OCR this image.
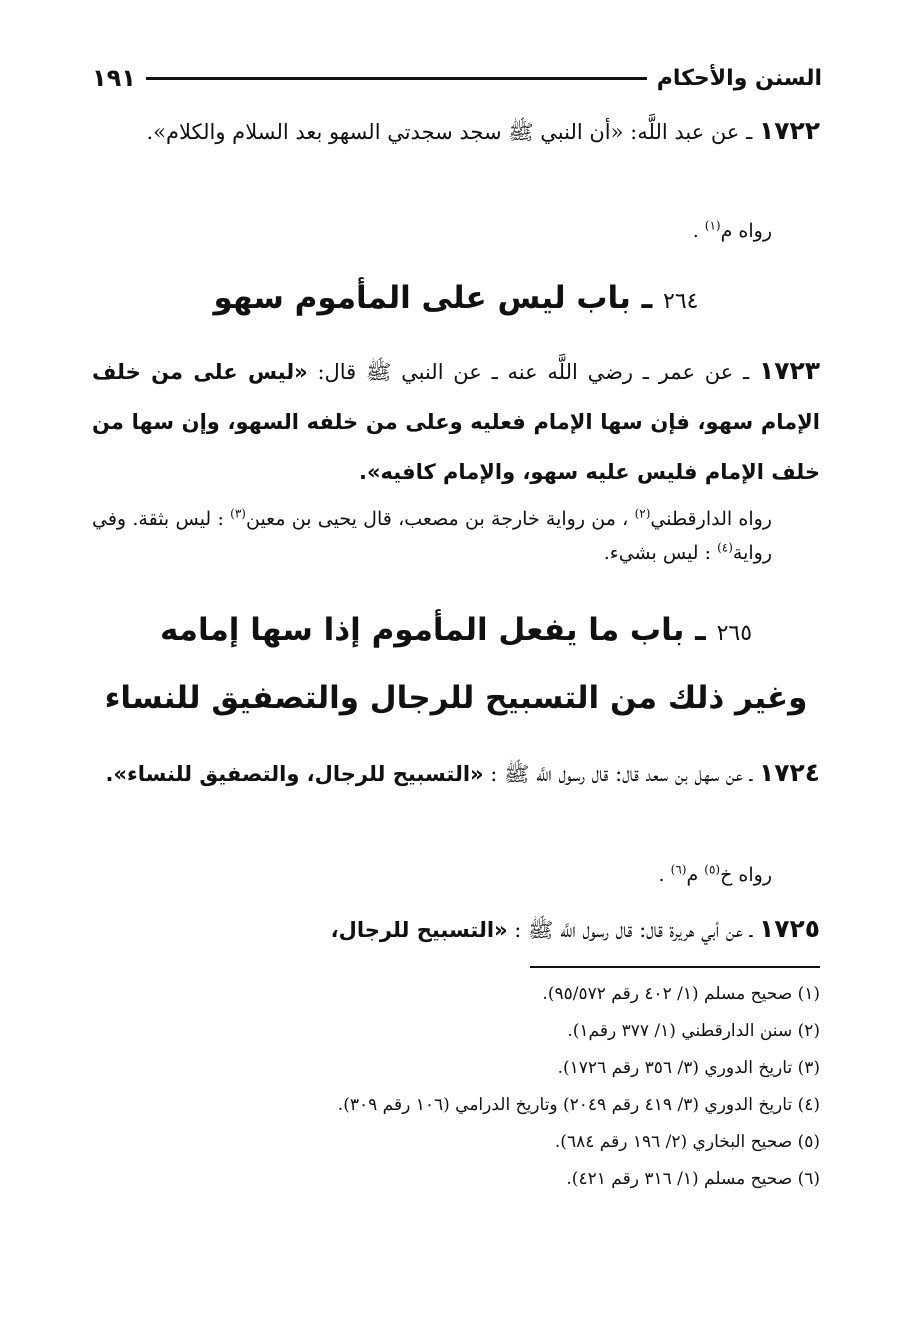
السنن والأحكام
١٩١

١٧٢٢ ـ عن عبد اللَّه: «أن النبي ﷺ سجد سجدتي السهو بعد السلام والكلام».

رواه م$^{(١)}$ .

٢٦٤ ـ باب ليس على المأموم سهو

١٧٢٣ ـ عن عمر ـ رضي اللَّه عنه ـ عن النبي ﷺ قال: «ليس على من خلف الإمام سهو، فإن سها الإمام فعليه وعلى من خلفه السهو، وإن سها من خلف الإمام فليس عليه سهو، والإمام كافيه».

رواه الدارقطني$^{(٢)}$ ، من رواية خارجة بن مصعب، قال يحيى بن معين$^{(٣)}$ : ليس بثقة. وفي رواية$^{(٤)}$ : ليس بشيء.

٢٦٥ ـ باب ما يفعل المأموم إذا سها إمامه
وغير ذلك من التسبيح للرجال والتصفيق للنساء

١٧٢٤ ـ عن سهل بن سعد قال: قال رسول اللَّه ﷺ : «التسبيح للرجال، والتصفيق للنساء».

رواه خ$^{(٥)}$ م$^{(٦)}$ .

١٧٢٥ ـ عن أبي هريرة قال: قال رسول اللَّه ﷺ : «التسبيح للرجال،

(١) صحيح مسلم (١/ ٤٠٢ رقم ٩٥/٥٧٢).
(٢) سنن الدارقطني (١/ ٣٧٧ رقم١).
(٣) تاريخ الدوري (٣/ ٣٥٦ رقم ١٧٢٦).
(٤) تاريخ الدوري (٣/ ٤١٩ رقم ٢٠٤٩) وتاريخ الدرامي (١٠٦ رقم ٣٠٩).
(٥) صحيح البخاري (٢/ ١٩٦ رقم ٦٨٤).
(٦) صحيح مسلم (١/ ٣١٦ رقم ٤٢١).
